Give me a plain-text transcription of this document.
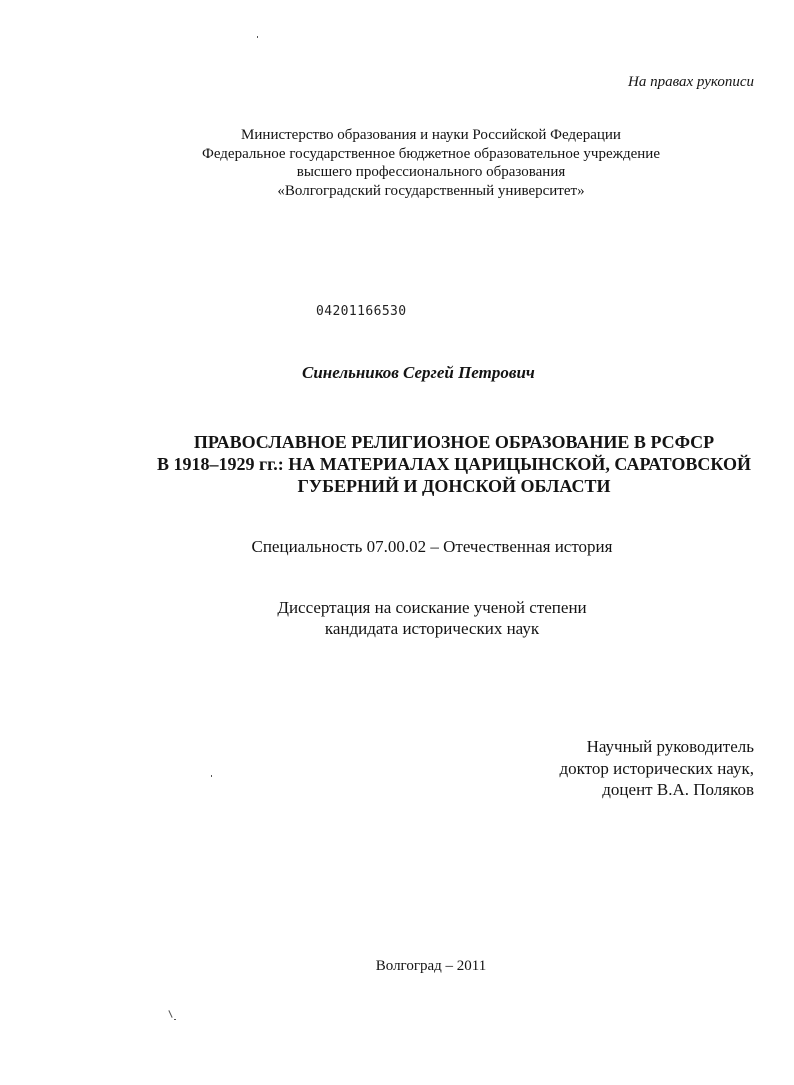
На правах рукописи
Министерство образования и науки Российской Федерации
Федеральное государственное бюджетное образовательное учреждение
высшего профессионального образования
«Волгоградский государственный университет»
04201166530
Синельников Сергей Петрович
ПРАВОСЛАВНОЕ РЕЛИГИОЗНОЕ ОБРАЗОВАНИЕ В РСФСР
В 1918–1929 гг.: НА МАТЕРИАЛАХ ЦАРИЦЫНСКОЙ, САРАТОВСКОЙ
ГУБЕРНИЙ И ДОНСКОЙ ОБЛАСТИ
Специальность 07.00.02 – Отечественная история
Диссертация на соискание ученой степени
кандидата исторических наук
Научный руководитель
доктор исторических наук,
доцент В.А. Поляков
Волгоград – 2011
